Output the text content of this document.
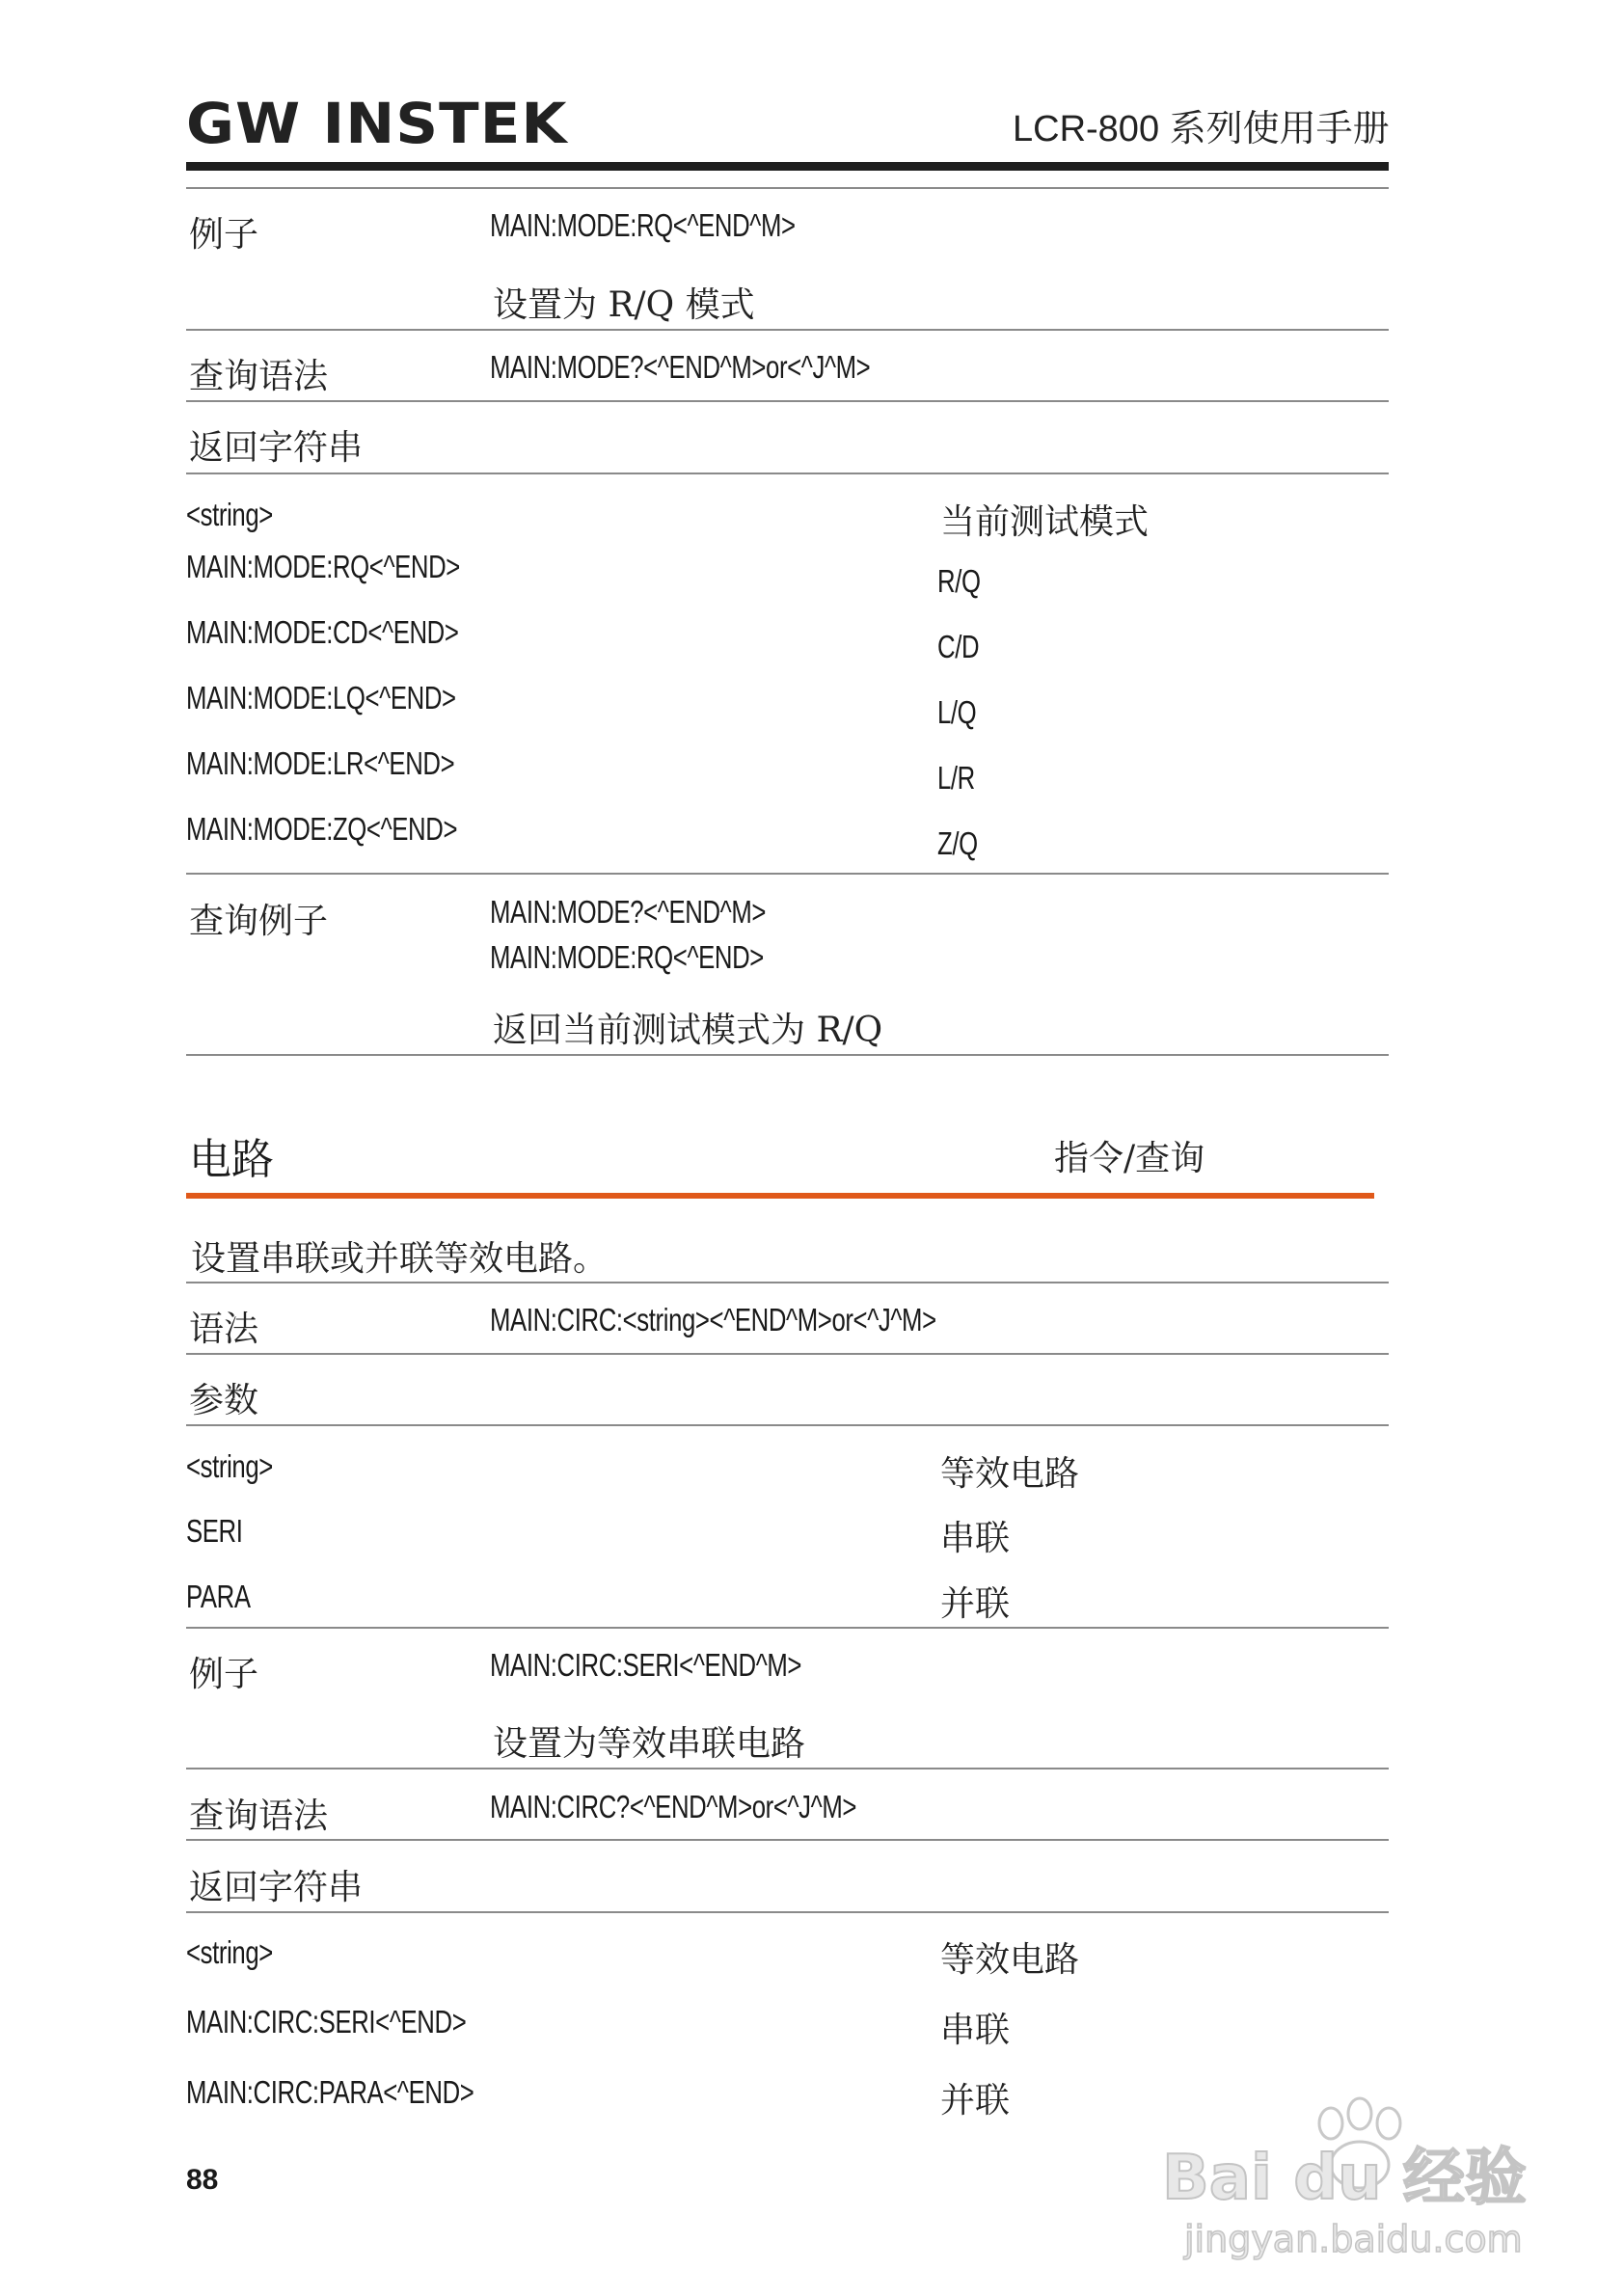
GW INSTEK	LCR-800 系列使用手册
例子	MAIN:MODE:RQ<^END^M>
设置为 R/Q 模式
查询语法	MAIN:MODE?<^END^M>or<^J^M>
返回字符串
<string>	当前测试模式
MAIN:MODE:RQ<^END>	R/Q
MAIN:MODE:CD<^END>	C/D
MAIN:MODE:LQ<^END>	L/Q
MAIN:MODE:LR<^END>	L/R
MAIN:MODE:ZQ<^END>	Z/Q
查询例子	MAIN:MODE?<^END^M>
MAIN:MODE:RQ<^END>
返回当前测试模式为 R/Q
电路	指令/查询
设置串联或并联等效电路。
语法	MAIN:CIRC:<string><^END^M>or<^J^M>
参数
<string>	等效电路
SERI	串联
PARA	并联
例子	MAIN:CIRC:SERI<^END^M>
设置为等效串联电路
查询语法	MAIN:CIRC?<^END^M>or<^J^M>
返回字符串
<string>	等效电路
MAIN:CIRC:SERI<^END>	串联
MAIN:CIRC:PARA<^END>	并联
88	Bai du 经验
jingyan.baidu.com
